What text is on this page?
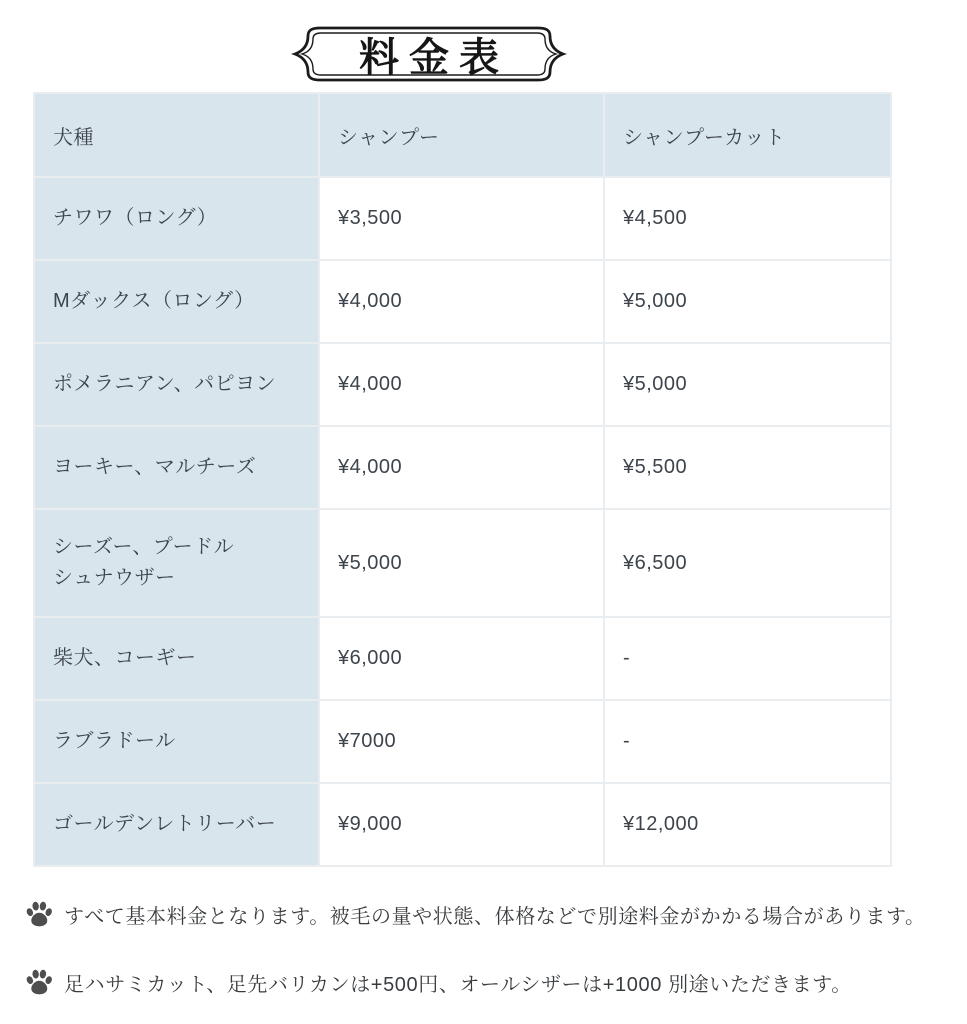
料金表
犬種	シャンプー	シャンプーカット
チワワ（ロング）	¥3,500	¥4,500
Mダックス（ロング）	¥4,000	¥5,000
ポメラニアン、パピヨン	¥4,000	¥5,000
ヨーキー、マルチーズ	¥4,000	¥5,500
シーズー、プードル
シュナウザー	¥5,000	¥6,500
柴犬、コーギー	¥6,000	-
ラブラドール	¥7000	-
ゴールデンレトリーバー	¥9,000	¥12,000
すべて基本料金となります。被毛の量や状態、体格などで別途料金がかかる場合があります。
足ハサミカット、足先バリカンは+500円、オールシザーは+1000 別途いただきます。
